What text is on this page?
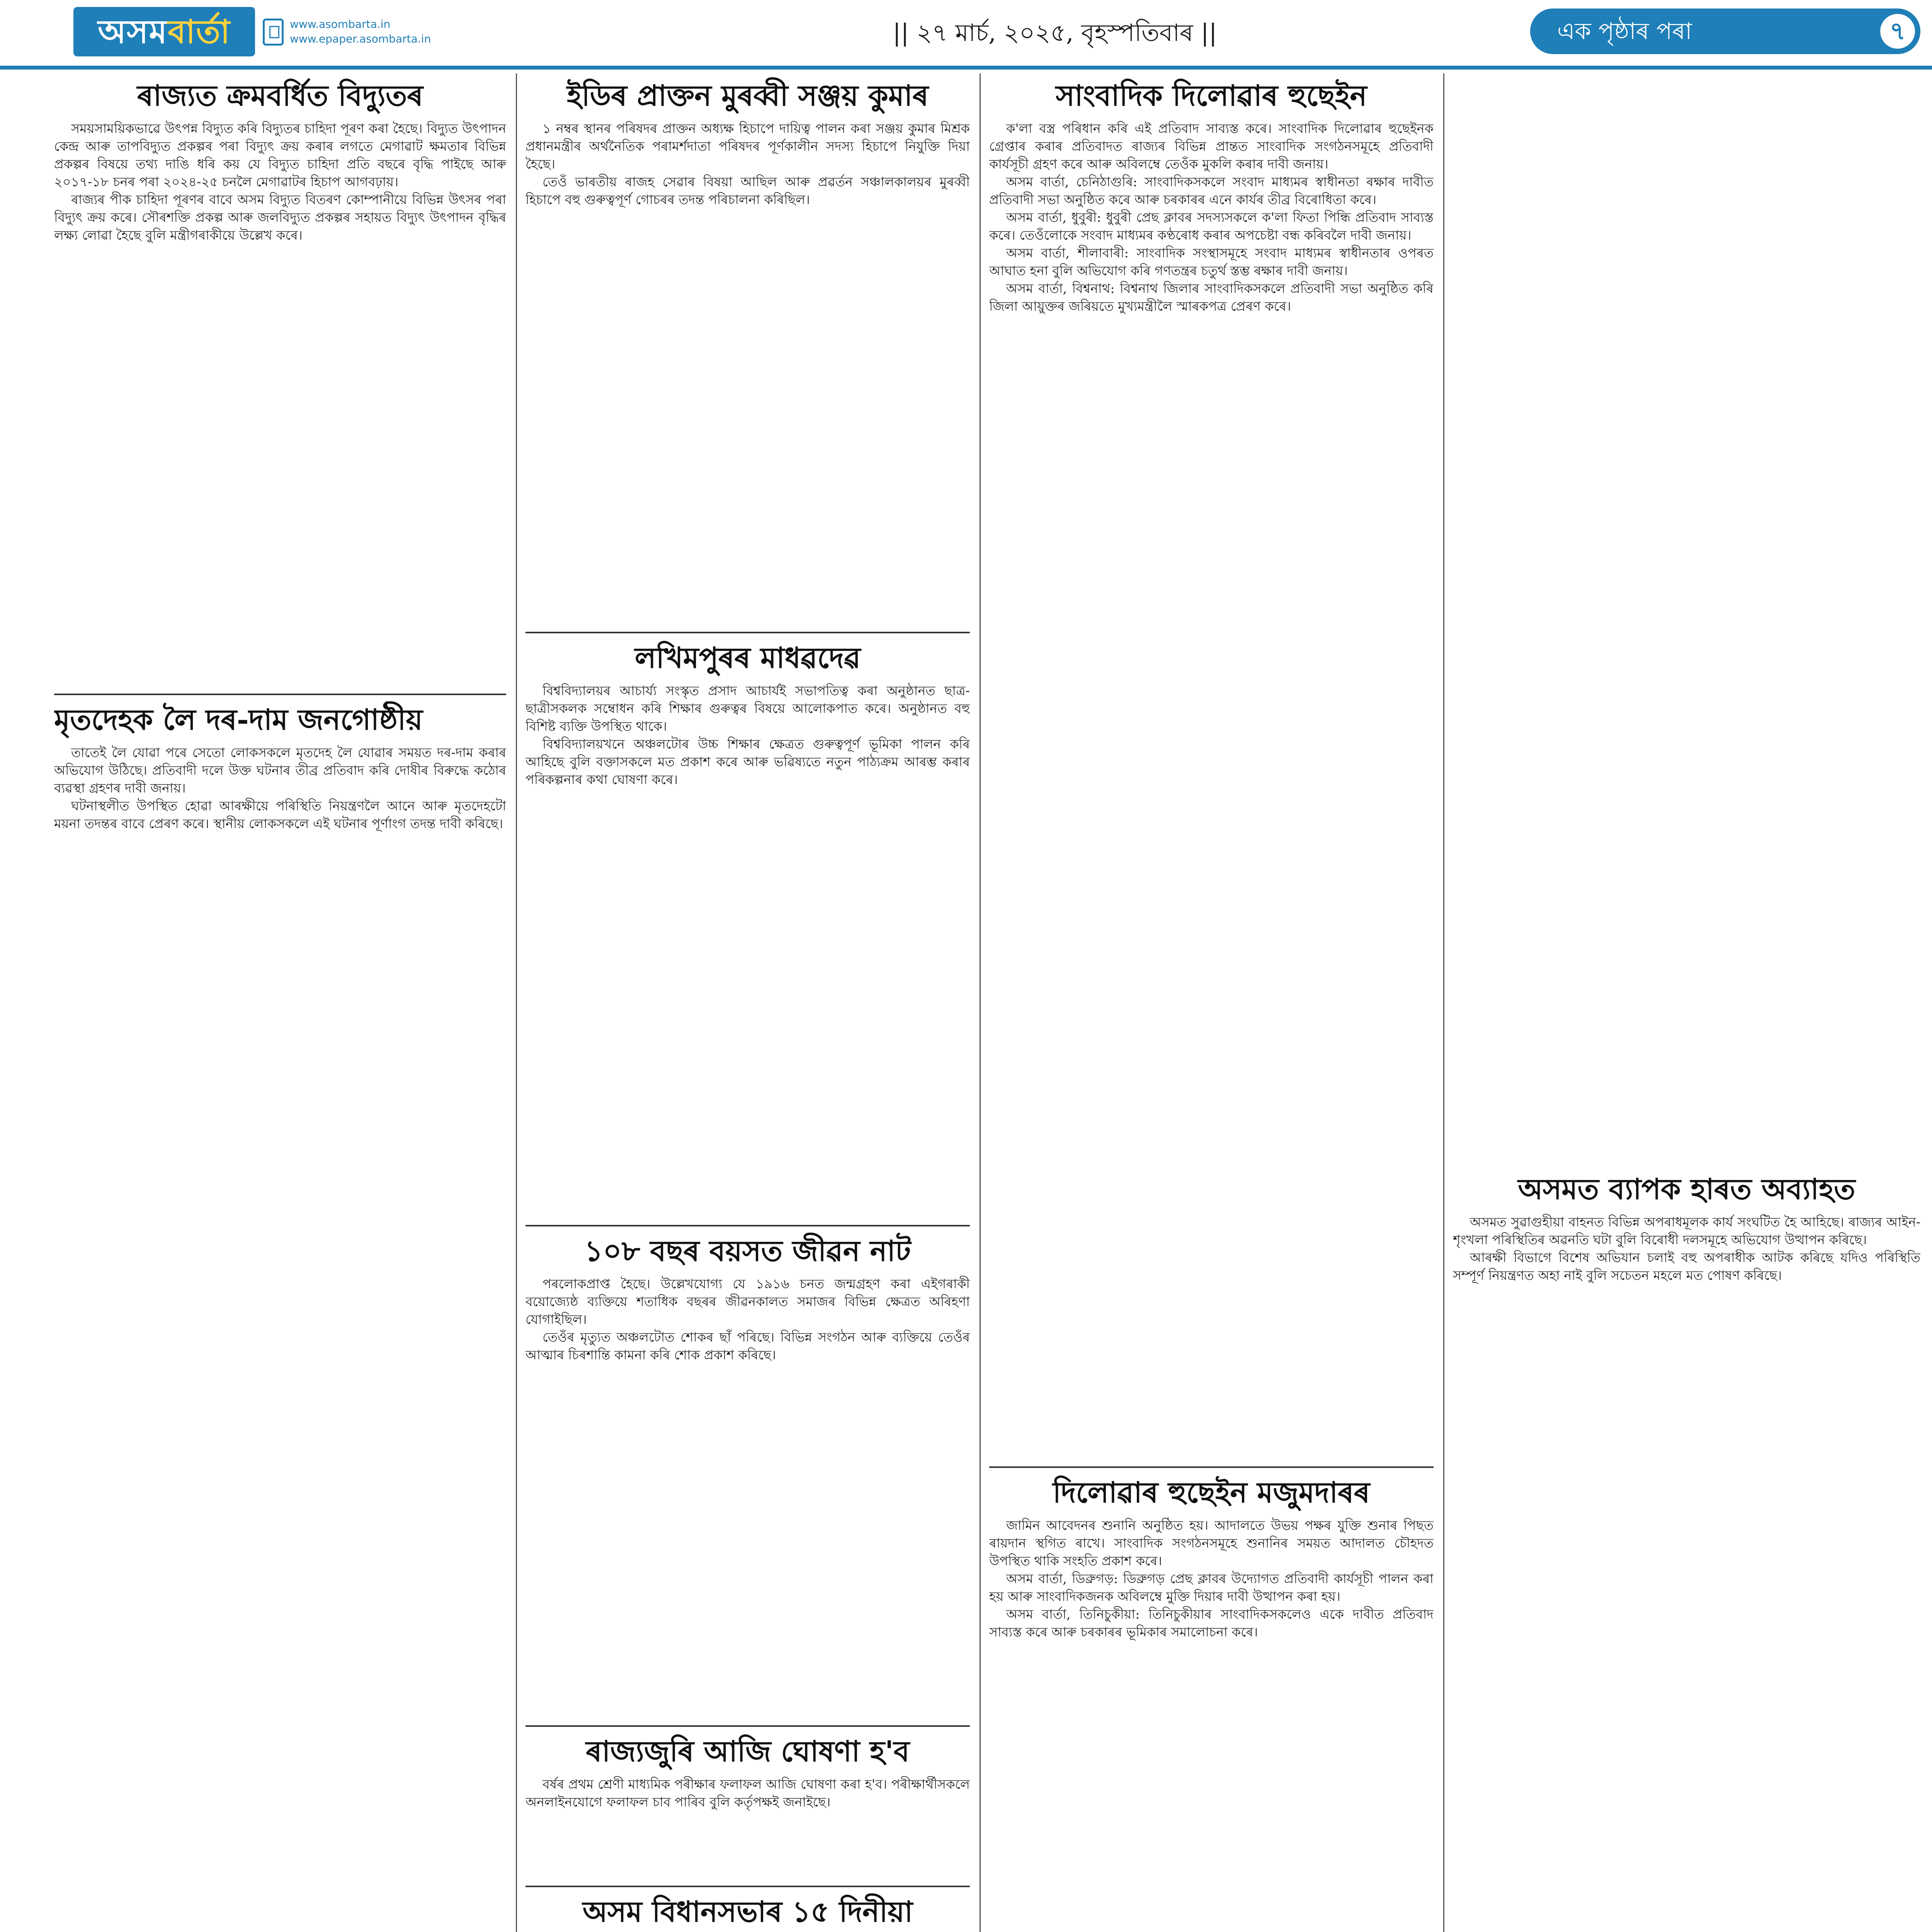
অসমবাৰ্তা	www.asombarta.in
www.epaper.asombarta.in	|| ২৭ মাৰ্চ, ২০২৫, বৃহস্পতিবাৰ ||	এক পৃষ্ঠাৰ পৰা	৭
ৰাজ্যত ক্ৰমবৰ্ধিত বিদ্যুতৰ

সময়সাময়িকভাৱে উৎপন্ন বিদ্যুত কৰি বিদ্যুতৰ চাহিদা পূৰণ কৰা হৈছে। বিদ্যুত উৎপাদন কেন্দ্ৰ আৰু তাপবিদ্যুত প্ৰকল্পৰ পৰা বিদ্যুৎ ক্ৰয় কৰাৰ লগতে মেগাৱাট ক্ষমতাৰ বিভিন্ন প্ৰকল্পৰ বিষয়ে তথ্য দাঙি ধৰি কয় যে বিদ্যুত চাহিদা প্ৰতি বছৰে বৃদ্ধি পাইছে আৰু ২০১৭-১৮ চনৰ পৰা ২০২৪-২৫ চনলৈ মেগাৱাটৰ হিচাপ আগবঢ়ায়।

ৰাজ্যৰ পীক চাহিদা পূৰণৰ বাবে অসম বিদ্যুত বিতৰণ কোম্পানীয়ে বিভিন্ন উৎসৰ পৰা বিদ্যুৎ ক্ৰয় কৰে। সৌৰশক্তি প্ৰকল্প আৰু জলবিদ্যুত প্ৰকল্পৰ সহায়ত বিদ্যুৎ উৎপাদন বৃদ্ধিৰ লক্ষ্য লোৱা হৈছে বুলি মন্ত্ৰীগৰাকীয়ে উল্লেখ কৰে।

মৃতদেহক লৈ দৰ-দাম জনগোষ্ঠীয়

তাতেই লৈ যোৱা পৰে সেতো লোকসকলে মৃতদেহ লৈ যোৱাৰ সময়ত দৰ-দাম কৰাৰ অভিযোগ উঠিছে। প্ৰতিবাদী দলে উক্ত ঘটনাৰ তীব্ৰ প্ৰতিবাদ কৰি দোষীৰ বিৰুদ্ধে কঠোৰ ব্যৱস্থা গ্ৰহণৰ দাবী জনায়।

ঘটনাস্থলীত উপস্থিত হোৱা আৰক্ষীয়ে পৰিস্থিতি নিয়ন্ত্ৰণলৈ আনে আৰু মৃতদেহটো ময়না তদন্তৰ বাবে প্ৰেৰণ কৰে। স্থানীয় লোকসকলে এই ঘটনাৰ পূৰ্ণাংগ তদন্ত দাবী কৰিছে।

ইডিৰ প্ৰাক্তন মুৰব্বী সঞ্জয় কুমাৰ

১ নম্বৰ স্থানৰ পৰিষদৰ প্ৰাক্তন অধ্যক্ষ হিচাপে দায়িত্ব পালন কৰা সঞ্জয় কুমাৰ মিশ্ৰক প্ৰধানমন্ত্ৰীৰ অৰ্থনৈতিক পৰামৰ্শদাতা পৰিষদৰ পূৰ্ণকালীন সদস্য হিচাপে নিযুক্তি দিয়া হৈছে।

তেওঁ ভাৰতীয় ৰাজহ সেৱাৰ বিষয়া আছিল আৰু প্ৰৱৰ্তন সঞ্চালকালয়ৰ মুৰব্বী হিচাপে বহু গুৰুত্বপূৰ্ণ গোচৰৰ তদন্ত পৰিচালনা কৰিছিল।

লখিমপুৰৰ মাধৱদেৱ

বিশ্ববিদ্যালয়ৰ আচাৰ্য্য সংস্কৃত প্ৰসাদ আচাৰ্যই সভাপতিত্ব কৰা অনুষ্ঠানত ছাত্ৰ-ছাত্ৰীসকলক সম্বোধন কৰি শিক্ষাৰ গুৰুত্বৰ বিষয়ে আলোকপাত কৰে। অনুষ্ঠানত বহু বিশিষ্ট ব্যক্তি উপস্থিত থাকে।

বিশ্ববিদ্যালয়খনে অঞ্চলটোৰ উচ্চ শিক্ষাৰ ক্ষেত্ৰত গুৰুত্বপূৰ্ণ ভূমিকা পালন কৰি আহিছে বুলি বক্তাসকলে মত প্ৰকাশ কৰে আৰু ভৱিষ্যতে নতুন পাঠ্যক্ৰম আৰম্ভ কৰাৰ পৰিকল্পনাৰ কথা ঘোষণা কৰে।

১০৮ বছৰ বয়সত জীৱন নাট

পৰলোকপ্ৰাপ্ত হৈছে। উল্লেখযোগ্য যে ১৯১৬ চনত জন্মগ্ৰহণ কৰা এইগৰাকী বয়োজ্যেষ্ঠ ব্যক্তিয়ে শতাধিক বছৰৰ জীৱনকালত সমাজৰ বিভিন্ন ক্ষেত্ৰত অৰিহণা যোগাইছিল।

তেওঁৰ মৃত্যুত অঞ্চলটোত শোকৰ ছাঁ পৰিছে। বিভিন্ন সংগঠন আৰু ব্যক্তিয়ে তেওঁৰ আত্মাৰ চিৰশান্তি কামনা কৰি শোক প্ৰকাশ কৰিছে।

ৰাজ্যজুৰি আজি ঘোষণা হ'ব

বৰ্ষৰ প্ৰথম শ্ৰেণী মাধ্যমিক পৰীক্ষাৰ ফলাফল আজি ঘোষণা কৰা হ'ব। পৰীক্ষাৰ্থীসকলে অনলাইনযোগে ফলাফল চাব পাৰিব বুলি কৰ্তৃপক্ষই জনাইছে।

অসম বিধানসভাৰ ১৫ দিনীয়া

সাংবাদিক দিলোৱাৰ হুছেইন

ক'লা বস্ত্ৰ পৰিধান কৰি এই প্ৰতিবাদ সাব্যস্ত কৰে। সাংবাদিক দিলোৱাৰ হুছেইনক গ্ৰেপ্তাৰ কৰাৰ প্ৰতিবাদত ৰাজ্যৰ বিভিন্ন প্ৰান্তত সাংবাদিক সংগঠনসমূহে প্ৰতিবাদী কাৰ্যসূচী গ্ৰহণ কৰে আৰু অবিলম্বে তেওঁক মুকলি কৰাৰ দাবী জনায়।

অসম বাৰ্তা, চেনিঠাগুৰি: সাংবাদিকসকলে সংবাদ মাধ্যমৰ স্বাধীনতা ৰক্ষাৰ দাবীত প্ৰতিবাদী সভা অনুষ্ঠিত কৰে আৰু চৰকাৰৰ এনে কাৰ্যৰ তীব্ৰ বিৰোধিতা কৰে।

অসম বাৰ্তা, ধুবুৰী: ধুবুৰী প্ৰেছ ক্লাবৰ সদস্যসকলে ক'লা ফিতা পিন্ধি প্ৰতিবাদ সাব্যস্ত কৰে। তেওঁলোকে সংবাদ মাধ্যমৰ কণ্ঠৰোধ কৰাৰ অপচেষ্টা বন্ধ কৰিবলৈ দাবী জনায়।

অসম বাৰ্তা, শীলাবাৰী: সাংবাদিক সংস্থাসমূহে সংবাদ মাধ্যমৰ স্বাধীনতাৰ ওপৰত আঘাত হনা বুলি অভিযোগ কৰি গণতন্ত্ৰৰ চতুৰ্থ স্তম্ভ ৰক্ষাৰ দাবী জনায়।

অসম বাৰ্তা, বিশ্বনাথ: বিশ্বনাথ জিলাৰ সাংবাদিকসকলে প্ৰতিবাদী সভা অনুষ্ঠিত কৰি জিলা আয়ুক্তৰ জৰিয়তে মুখ্যমন্ত্ৰীলৈ স্মাৰকপত্ৰ প্ৰেৰণ কৰে।

দিলোৱাৰ হুছেইন মজুমদাৰৰ

জামিন আবেদনৰ শুনানি অনুষ্ঠিত হয়। আদালতে উভয় পক্ষৰ যুক্তি শুনাৰ পিছত ৰায়দান স্থগিত ৰাখে। সাংবাদিক সংগঠনসমূহে শুনানিৰ সময়ত আদালত চৌহদত উপস্থিত থাকি সংহতি প্ৰকাশ কৰে।

অসম বাৰ্তা, ডিব্ৰুগড়: ডিব্ৰুগড় প্ৰেছ ক্লাবৰ উদ্যোগত প্ৰতিবাদী কাৰ্যসূচী পালন কৰা হয় আৰু সাংবাদিকজনক অবিলম্বে মুক্তি দিয়াৰ দাবী উত্থাপন কৰা হয়।

অসম বাৰ্তা, তিনিচুকীয়া: তিনিচুকীয়াৰ সাংবাদিকসকলেও একে দাবীত প্ৰতিবাদ সাব্যস্ত কৰে আৰু চৰকাৰৰ ভূমিকাৰ সমালোচনা কৰে।

অসমত ব্যাপক হাৰত অব্যাহত

অসমত সুৱাগুহীয়া বাহনত বিভিন্ন অপৰাধমূলক কাৰ্য সংঘটিত হৈ আহিছে। ৰাজ্যৰ আইন-শৃংখলা পৰিস্থিতিৰ অৱনতি ঘটা বুলি বিৰোধী দলসমূহে অভিযোগ উত্থাপন কৰিছে।

আৰক্ষী বিভাগে বিশেষ অভিযান চলাই বহু অপৰাধীক আটক কৰিছে যদিও পৰিস্থিতি সম্পূৰ্ণ নিয়ন্ত্ৰণত অহা নাই বুলি সচেতন মহলে মত পোষণ কৰিছে।
